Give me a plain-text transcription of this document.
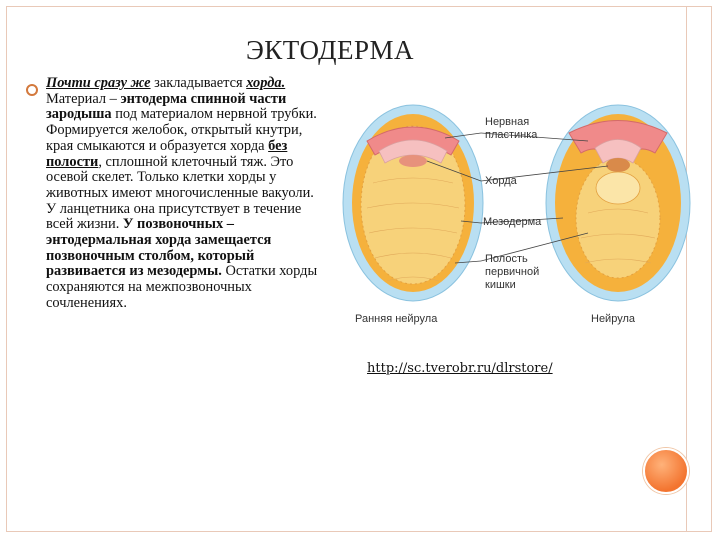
ЭКТОДЕРМА
Почти сразу же закладывается хорда. Материал – энтодерма спинной части зародыша под материалом нервной трубки. Формируется желобок, открытый кнутри, края смыкаются и образуется хорда без полости, сплошной клеточный тяж. Это осевой скелет. Только клетки хорды у животных имеют многочисленные вакуоли. У ланцетника она присутствует в течение всей жизни. У позвоночных – энтодермальная хорда замещается позвоночным столбом, который развивается из мезодермы. Остатки хорды сохраняются на межпозвоночных сочленениях.
Нервная
пластинка
Хорда
Мезодерма
Полость
первичной
кишки
Ранняя нейрула	Нейрула
http://sc.tverobr.ru/dlrstore/
